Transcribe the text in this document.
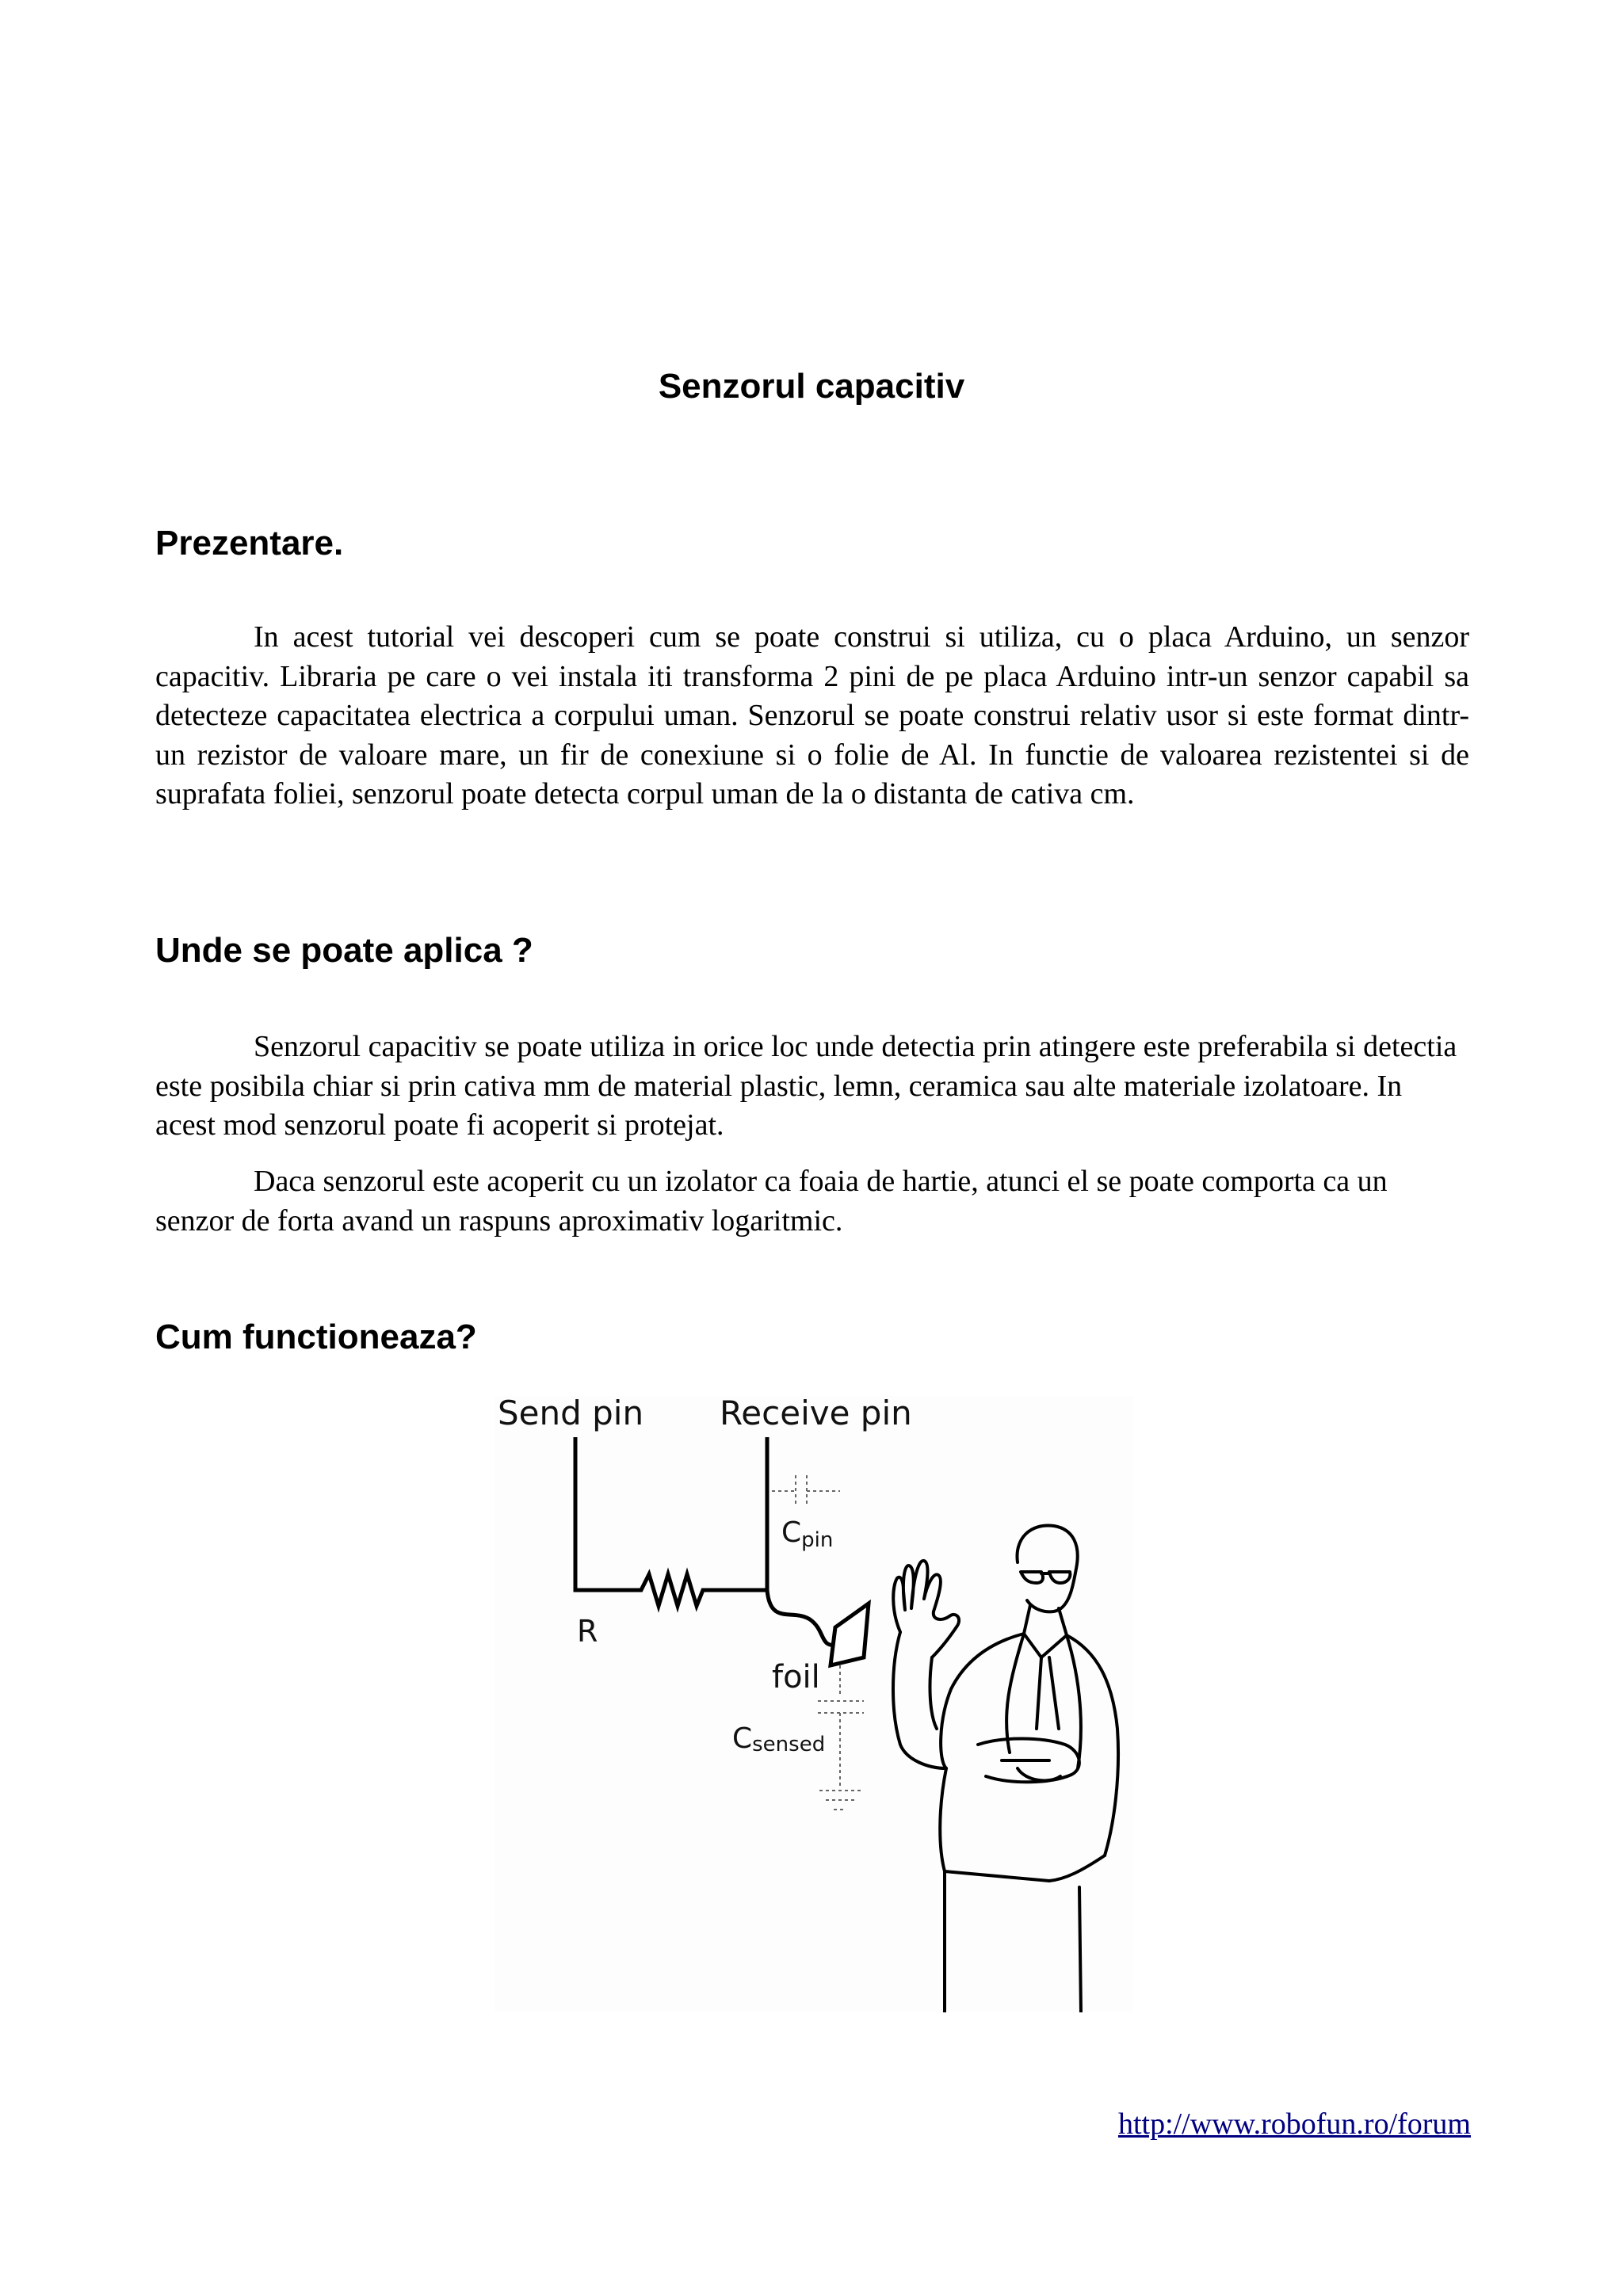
Senzorul capacitiv
Prezentare.

In acest tutorial vei descoperi cum se poate construi si utiliza, cu o placa Arduino, un senzor capacitiv. Libraria pe care o vei instala iti transforma 2 pini de pe placa Arduino intr-un senzor capabil sa detecteze capacitatea electrica a corpului uman. Senzorul se poate construi relativ usor si este format dintr-un rezistor de valoare mare, un fir de conexiune si o folie de Al. In functie de valoarea rezistentei si de suprafata foliei, senzorul poate detecta corpul uman de la o distanta de cativa cm.

Unde se poate aplica ?

Senzorul capacitiv se poate utiliza in orice loc unde detectia prin atingere este preferabila si detectia este posibila chiar si prin cativa mm de material plastic, lemn, ceramica sau alte materiale izolatoare. In acest mod senzorul poate fi acoperit si protejat.

Daca senzorul este acoperit cu un izolator ca foaia de hartie, atunci el se poate comporta ca un senzor de forta avand un raspuns aproximativ logaritmic.

Cum functioneaza?
Send pin Receive pin
R
Cpin
foil
Csensed
http://www.robofun.ro/forum
